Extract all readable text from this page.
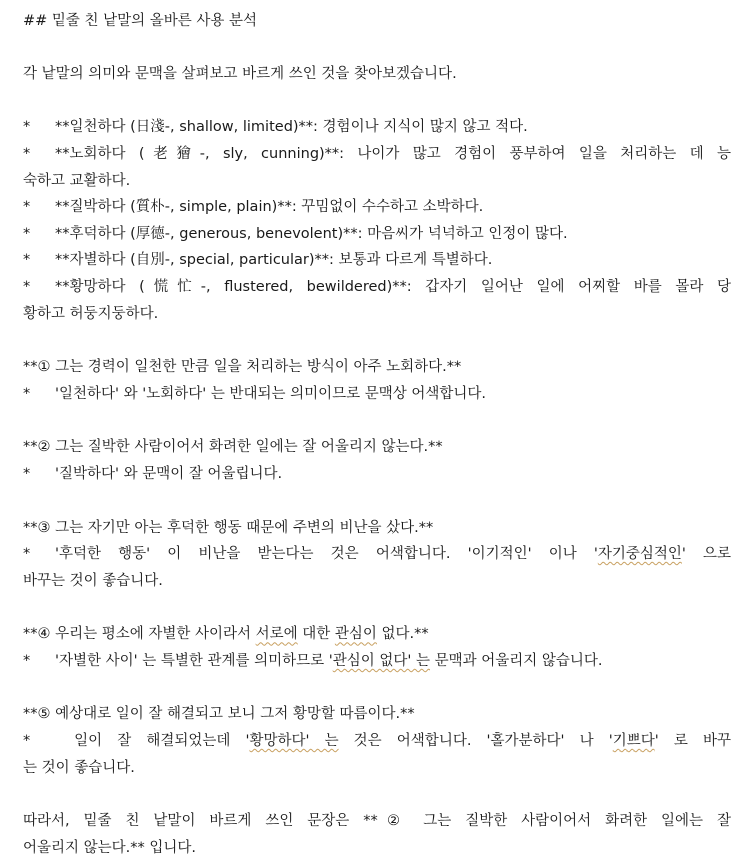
## 밑줄 친 낱말의 올바른 사용 분석
각 낱말의 의미와 문맥을 살펴보고 바르게 쓰인 것을 찾아보겠습니다.
* **일천하다 (日淺-, shallow, limited)**: 경험이나 지식이 많지 않고 적다.
* **노회하다 (老獪-, sly, cunning)**: 나이가 많고 경험이 풍부하여 일을 처리하는 데 능
숙하고 교활하다.
* **질박하다 (質朴-, simple, plain)**: 꾸밈없이 수수하고 소박하다.
* **후덕하다 (厚德-, generous, benevolent)**: 마음씨가 넉넉하고 인정이 많다.
* **자별하다 (自別-, special, particular)**: 보통과 다르게 특별하다.
* **황망하다 (慌忙-, flustered, bewildered)**: 갑자기 일어난 일에 어찌할 바를 몰라 당
황하고 허둥지둥하다.
**① 그는 경력이 일천한 만큼 일을 처리하는 방식이 아주 노회하다.**
* '일천하다' 와 '노회하다' 는 반대되는 의미이므로 문맥상 어색합니다.
**② 그는 질박한 사람이어서 화려한 일에는 잘 어울리지 않는다.**
* '질박하다' 와 문맥이 잘 어울립니다.
**③ 그는 자기만 아는 후덕한 행동 때문에 주변의 비난을 샀다.**
* '후덕한 행동' 이 비난을 받는다는 것은 어색합니다. '이기적인' 이나 '자기중심적인' 으로
바꾸는 것이 좋습니다.
**④ 우리는 평소에 자별한 사이라서 서로에 대한 관심이 없다.**
* '자별한 사이' 는 특별한 관계를 의미하므로 '관심이 없다' 는 문맥과 어울리지 않습니다.
**⑤ 예상대로 일이 잘 해결되고 보니 그저 황망할 따름이다.**
* 일이 잘 해결되었는데 '황망하다' 는 것은 어색합니다. '홀가분하다' 나 '기쁘다' 로 바꾸
는 것이 좋습니다.
따라서, 밑줄 친 낱말이 바르게 쓰인 문장은 **② 그는 질박한 사람이어서 화려한 일에는 잘
어울리지 않는다.** 입니다.
